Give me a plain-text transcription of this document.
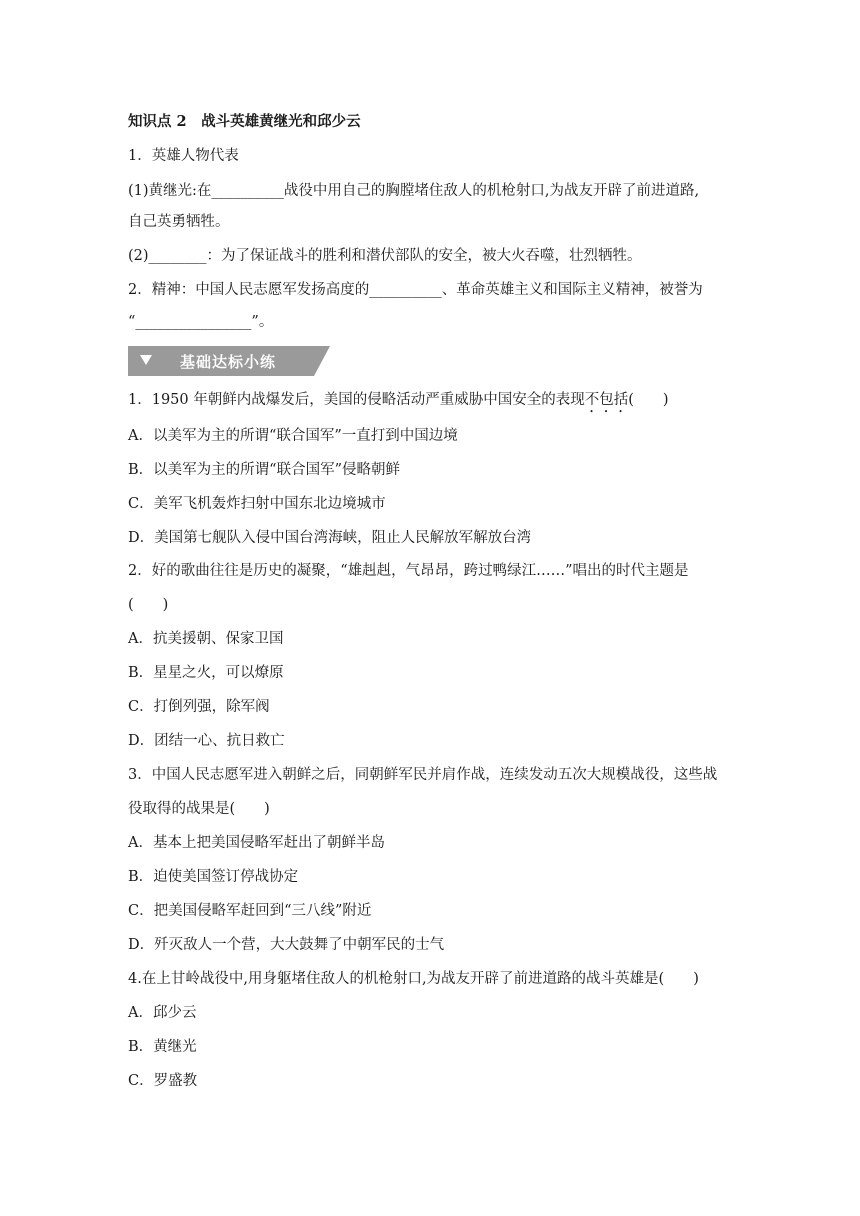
知识点 2　战斗英雄黄继光和邱少云
1．英雄人物代表
(1)黄继光:在__________战役中用自己的胸膛堵住敌人的机枪射口,为战友开辟了前进道路,
自己英勇牺牲。
(2)________：为了保证战斗的胜利和潜伏部队的安全，被大火吞噬，壮烈牺牲。
2．精神：中国人民志愿军发扬高度的__________、革命英雄主义和国际主义精神，被誉为
“________________”。
基础达标小练
1．1950 年朝鲜内战爆发后，美国的侵略活动严重威胁中国安全的表现不包括(　　)
A．以美军为主的所谓“联合国军”一直打到中国边境
B．以美军为主的所谓“联合国军”侵略朝鲜
C．美军飞机轰炸扫射中国东北边境城市
D．美国第七舰队入侵中国台湾海峡，阻止人民解放军解放台湾
2．好的歌曲往往是历史的凝聚，“雄赳赳，气昂昂，跨过鸭绿江……”唱出的时代主题是
(　　)
A．抗美援朝、保家卫国
B．星星之火，可以燎原
C．打倒列强，除军阀
D．团结一心、抗日救亡
3．中国人民志愿军进入朝鲜之后，同朝鲜军民并肩作战，连续发动五次大规模战役，这些战
役取得的战果是(　　)
A．基本上把美国侵略军赶出了朝鲜半岛
B．迫使美国签订停战协定
C．把美国侵略军赶回到“三八线”附近
D．歼灭敌人一个营，大大鼓舞了中朝军民的士气
4.在上甘岭战役中,用身躯堵住敌人的机枪射口,为战友开辟了前进道路的战斗英雄是(　　)
A．邱少云
B．黄继光
C．罗盛教
